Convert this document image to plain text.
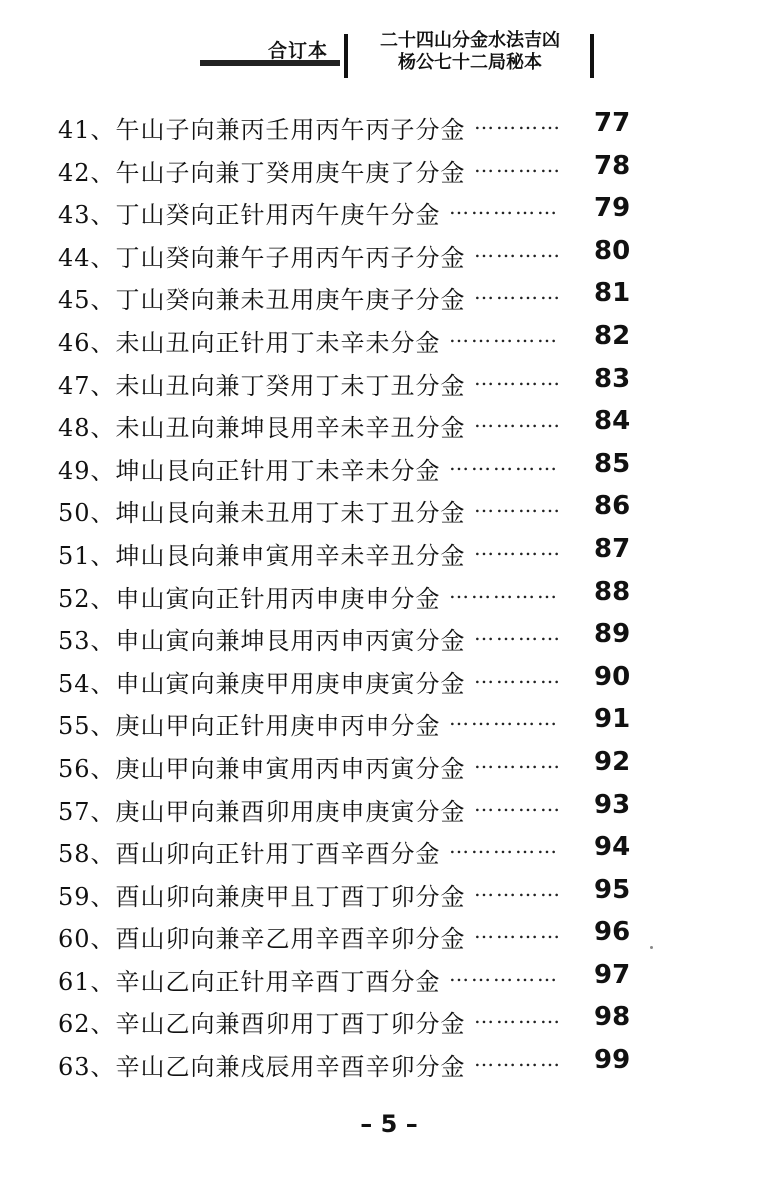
合订本	二十四山分金水法吉凶
杨公七十二局秘本
41、午山子向兼丙壬用丙午丙子分金 ………… 77
42、午山子向兼丁癸用庚午庚了分金 ………… 78
43、丁山癸向正针用丙午庚午分金 …………… 79
44、丁山癸向兼午子用丙午丙子分金 ………… 80
45、丁山癸向兼未丑用庚午庚子分金 ………… 81
46、未山丑向正针用丁未辛未分金 …………… 82
47、未山丑向兼丁癸用丁未丁丑分金 ………… 83
48、未山丑向兼坤艮用辛未辛丑分金 ………… 84
49、坤山艮向正针用丁未辛未分金 …………… 85
50、坤山艮向兼未丑用丁未丁丑分金 ………… 86
51、坤山艮向兼申寅用辛未辛丑分金 ………… 87
52、申山寅向正针用丙申庚申分金 …………… 88
53、申山寅向兼坤艮用丙申丙寅分金 ………… 89
54、申山寅向兼庚甲用庚申庚寅分金 ………… 90
55、庚山甲向正针用庚申丙申分金 …………… 91
56、庚山甲向兼申寅用丙申丙寅分金 ………… 92
57、庚山甲向兼酉卯用庚申庚寅分金 ………… 93
58、酉山卯向正针用丁酉辛酉分金 …………… 94
59、酉山卯向兼庚甲且丁酉丁卯分金 ………… 95
60、酉山卯向兼辛乙用辛酉辛卯分金 ………… 96
61、辛山乙向正针用辛酉丁酉分金 …………… 97
62、辛山乙向兼酉卯用丁酉丁卯分金 ………… 98
63、辛山乙向兼戌辰用辛酉辛卯分金 ………… 99
– 5 –
